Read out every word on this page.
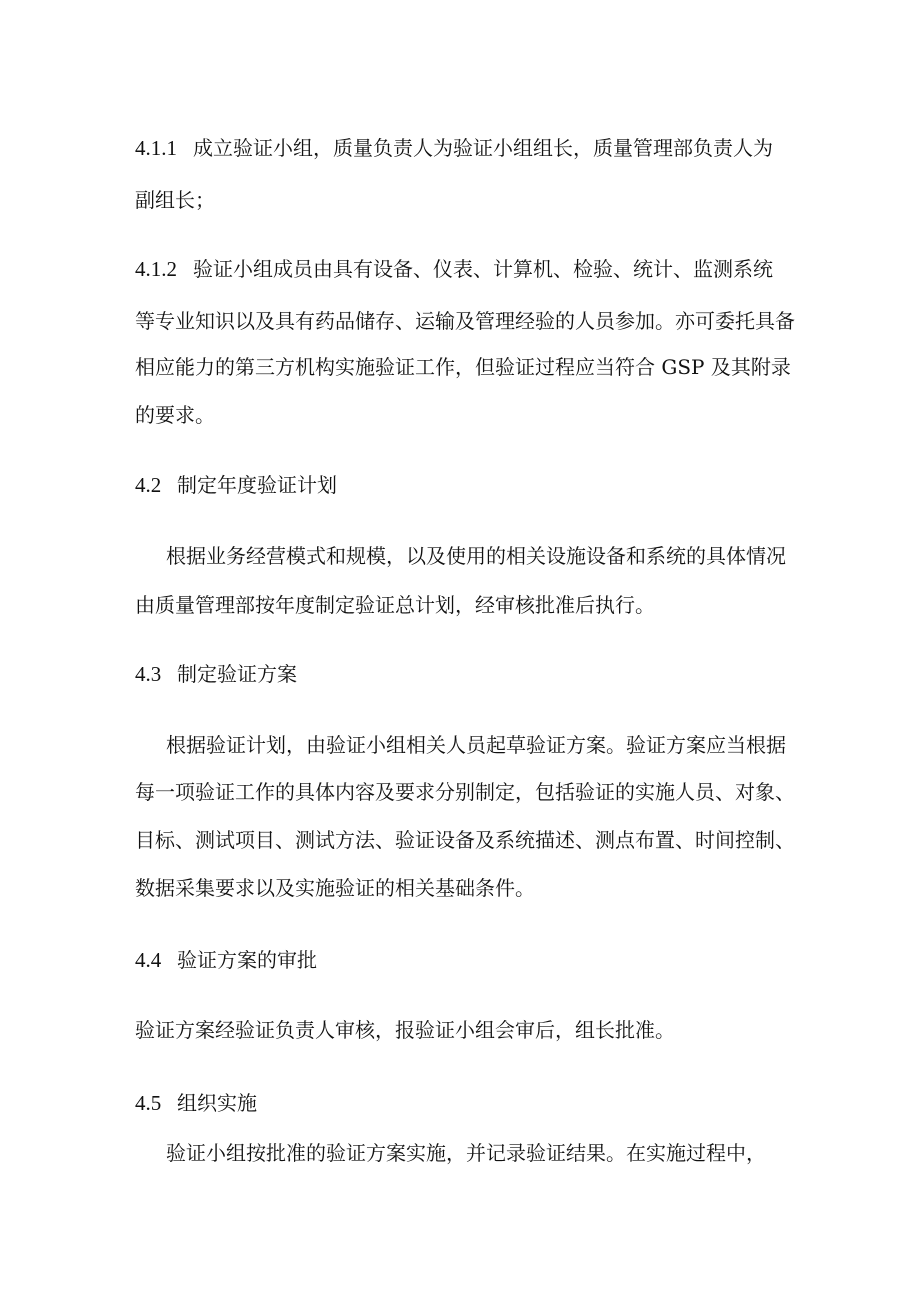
4.1.1 成立验证小组，质量负责人为验证小组组长，质量管理部负责人为
副组长；
4.1.2 验证小组成员由具有设备、仪表、计算机、检验、统计、监测系统
等专业知识以及具有药品储存、运输及管理经验的人员参加。亦可委托具备
相应能力的第三方机构实施验证工作，但验证过程应当符合 GSP 及其附录
的要求。
4.2 制定年度验证计划
根据业务经营模式和规模，以及使用的相关设施设备和系统的具体情况
由质量管理部按年度制定验证总计划，经审核批准后执行。
4.3 制定验证方案
根据验证计划，由验证小组相关人员起草验证方案。验证方案应当根据
每一项验证工作的具体内容及要求分别制定，包括验证的实施人员、对象、
目标、测试项目、测试方法、验证设备及系统描述、测点布置、时间控制、
数据采集要求以及实施验证的相关基础条件。
4.4 验证方案的审批
验证方案经验证负责人审核，报验证小组会审后，组长批准。
4.5 组织实施
验证小组按批准的验证方案实施，并记录验证结果。在实施过程中，
